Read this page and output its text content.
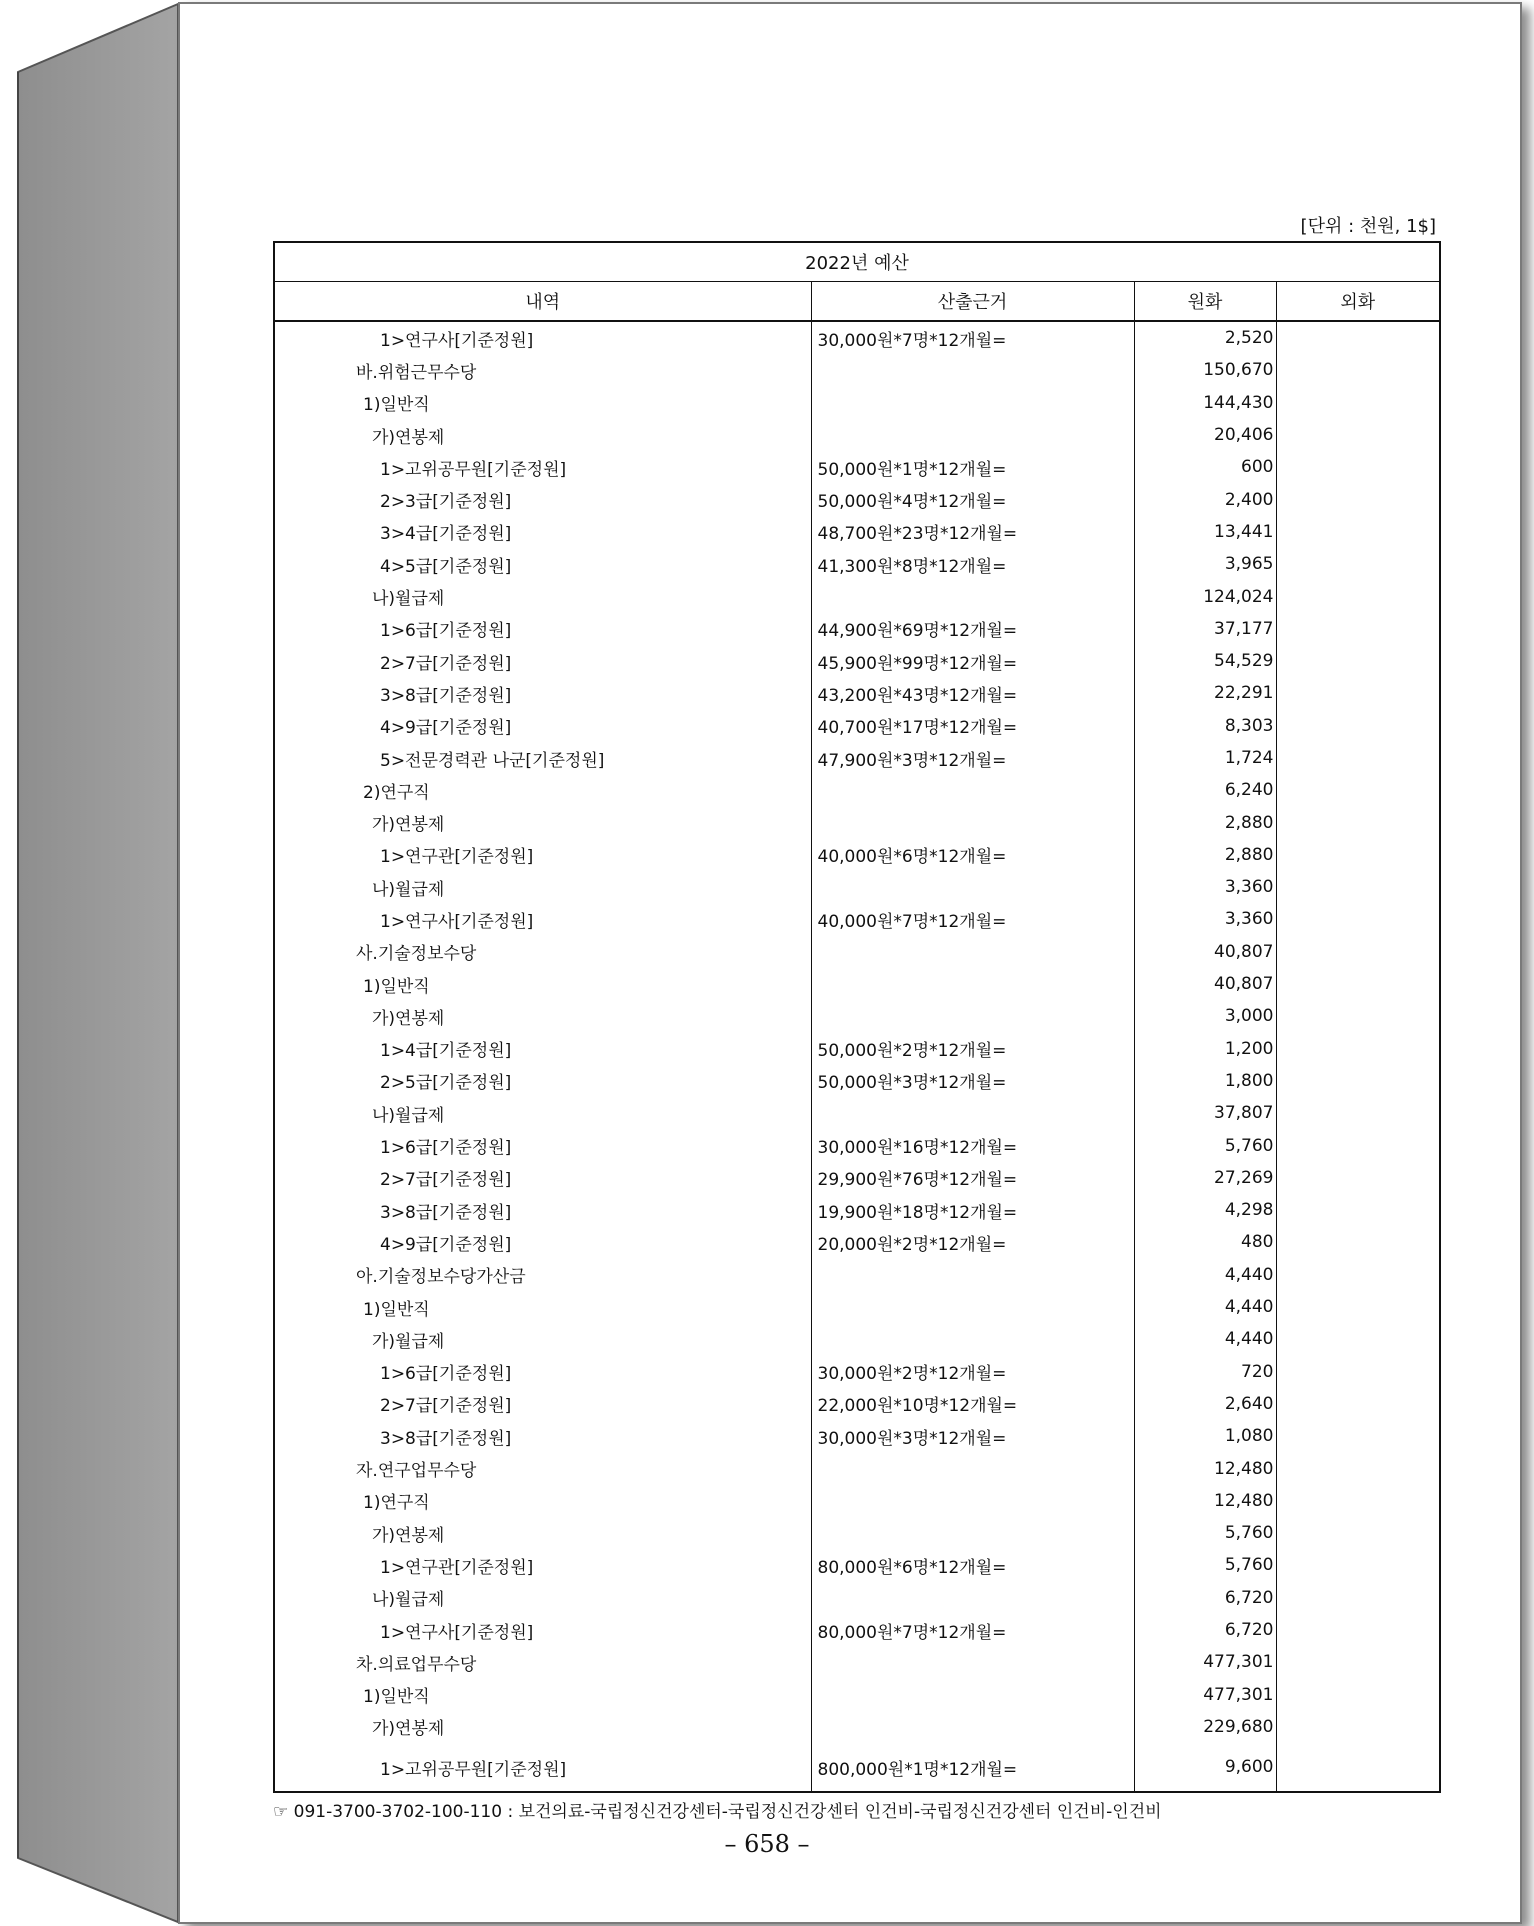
[단위 : 천원, 1$]
2022년 예산			
내역	산출근거	원화	외화
1>연구사[기준정원]	30,000원*7명*12개월=	2,520	
바.위험근무수당		150,670	
1)일반직		144,430	
가)연봉제		20,406	
1>고위공무원[기준정원]	50,000원*1명*12개월=	600	
2>3급[기준정원]	50,000원*4명*12개월=	2,400	
3>4급[기준정원]	48,700원*23명*12개월=	13,441	
4>5급[기준정원]	41,300원*8명*12개월=	3,965	
나)월급제		124,024	
1>6급[기준정원]	44,900원*69명*12개월=	37,177	
2>7급[기준정원]	45,900원*99명*12개월=	54,529	
3>8급[기준정원]	43,200원*43명*12개월=	22,291	
4>9급[기준정원]	40,700원*17명*12개월=	8,303	
5>전문경력관 나군[기준정원]	47,900원*3명*12개월=	1,724	
2)연구직		6,240	
가)연봉제		2,880	
1>연구관[기준정원]	40,000원*6명*12개월=	2,880	
나)월급제		3,360	
1>연구사[기준정원]	40,000원*7명*12개월=	3,360	
사.기술정보수당		40,807	
1)일반직		40,807	
가)연봉제		3,000	
1>4급[기준정원]	50,000원*2명*12개월=	1,200	
2>5급[기준정원]	50,000원*3명*12개월=	1,800	
나)월급제		37,807	
1>6급[기준정원]	30,000원*16명*12개월=	5,760	
2>7급[기준정원]	29,900원*76명*12개월=	27,269	
3>8급[기준정원]	19,900원*18명*12개월=	4,298	
4>9급[기준정원]	20,000원*2명*12개월=	480	
아.기술정보수당가산금		4,440	
1)일반직		4,440	
가)월급제		4,440	
1>6급[기준정원]	30,000원*2명*12개월=	720	
2>7급[기준정원]	22,000원*10명*12개월=	2,640	
3>8급[기준정원]	30,000원*3명*12개월=	1,080	
자.연구업무수당		12,480	
1)연구직		12,480	
가)연봉제		5,760	
1>연구관[기준정원]	80,000원*6명*12개월=	5,760	
나)월급제		6,720	
1>연구사[기준정원]	80,000원*7명*12개월=	6,720	
차.의료업무수당		477,301	
1)일반직		477,301	
가)연봉제		229,680	
1>고위공무원[기준정원]	800,000원*1명*12개월=	9,600	
☞ 091-3700-3702-100-110 : 보건의료-국립정신건강센터-국립정신건강센터 인건비-국립정신건강센터 인건비-인건비
– 658 –
